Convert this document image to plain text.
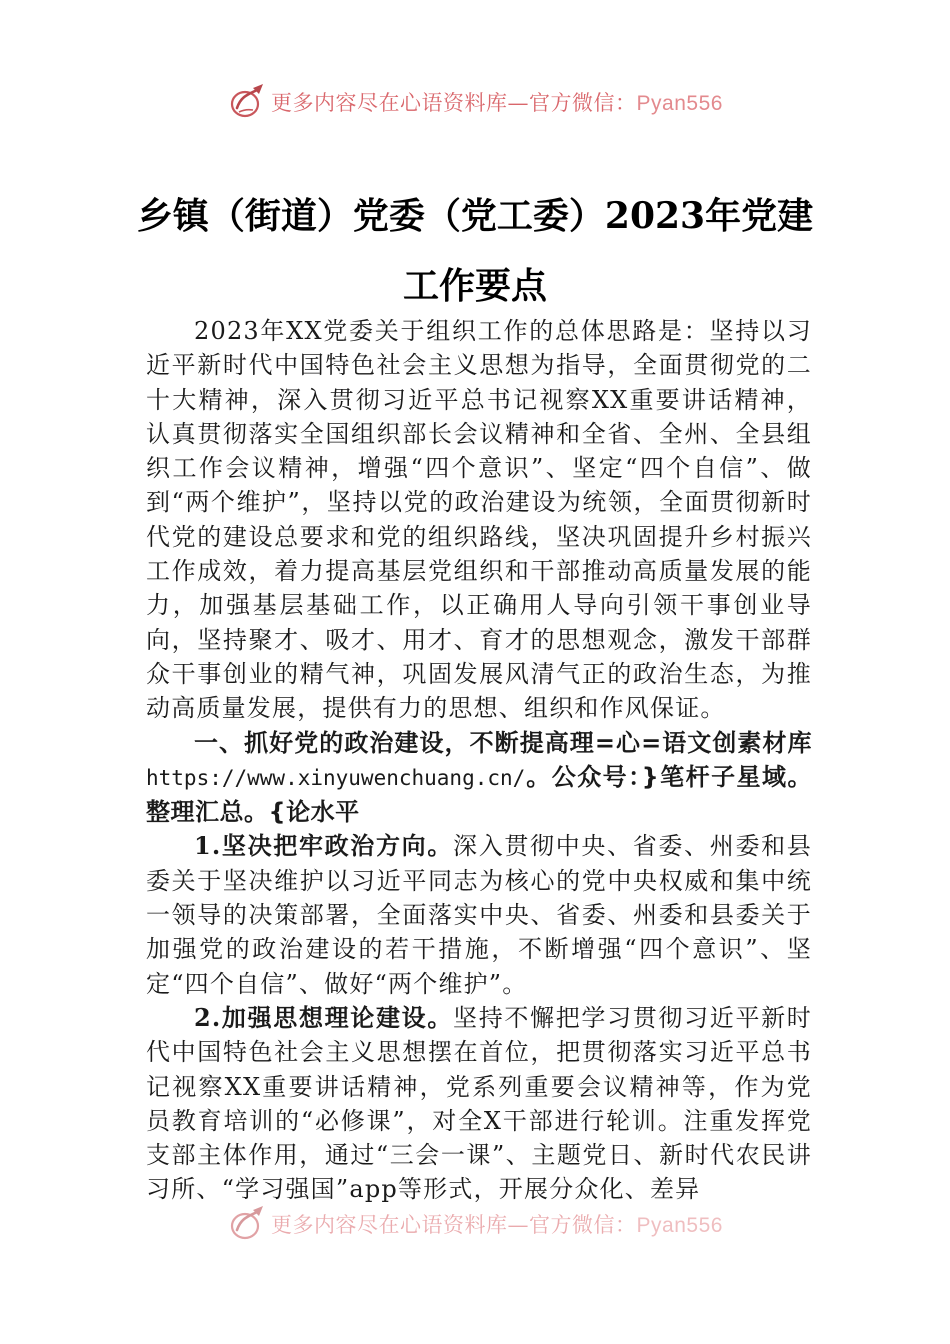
更多内容尽在心语资料库—官方微信：Pyan556
乡镇（街道）党委（党工委）2023年党建
工作要点

2023年XX党委关于组织工作的总体思路是：坚持以习近平新时代中国特色社会主义思想为指导，全面贯彻党的二十大精神，深入贯彻习近平总书记视察XX重要讲话精神，认真贯彻落实全国组织部长会议精神和全省、全州、全县组织工作会议精神，增强“四个意识”、坚定“四个自信”、做到“两个维护”，坚持以党的政治建设为统领，全面贯彻新时代党的建设总要求和党的组织路线，坚决巩固提升乡村振兴工作成效，着力提高基层党组织和干部推动高质量发展的能力，加强基层基础工作，以正确用人导向引领干事创业导向，坚持聚才、吸才、用才、育才的思想观念，激发干部群众干事创业的精气神，巩固发展风清气正的政治生态，为推动高质量发展，提供有力的思想、组织和作风保证。

一、抓好党的政治建设，不断提高理=心=语文创素材库https://www.xinyuwenchuang.cn/。公众号：}笔杆子星域。整理汇总。{论水平

1.坚决把牢政治方向。深入贯彻中央、省委、州委和县委关于坚决维护以习近平同志为核心的党中央权威和集中统一领导的决策部署，全面落实中央、省委、州委和县委关于加强党的政治建设的若干措施，不断增强“四个意识”、坚定“四个自信”、做好“两个维护”。

2.加强思想理论建设。坚持不懈把学习贯彻习近平新时代中国特色社会主义思想摆在首位，把贯彻落实习近平总书记视察XX重要讲话精神，党系列重要会议精神等，作为党员教育培训的“必修课”，对全X干部进行轮训。注重发挥党支部主体作用，通过“三会一课”、主题党日、新时代农民讲习所、“学习强国”app等形式，开展分众化、差异

更多内容尽在心语资料库—官方微信：Pyan556
